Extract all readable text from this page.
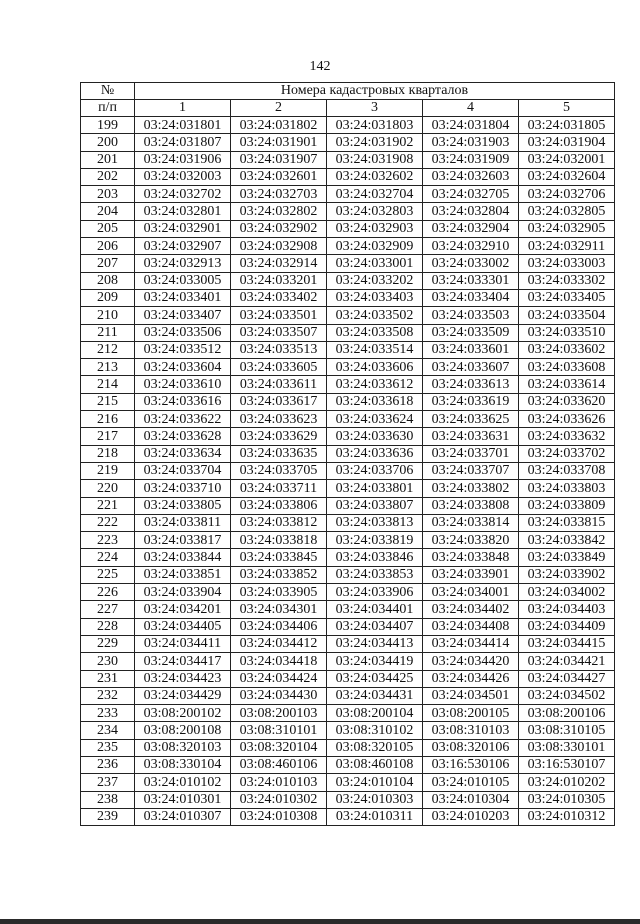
142
№	Номера кадастровых кварталов				
п/п	1	2	3	4	5
199	03:24:031801	03:24:031802	03:24:031803	03:24:031804	03:24:031805
200	03:24:031807	03:24:031901	03:24:031902	03:24:031903	03:24:031904
201	03:24:031906	03:24:031907	03:24:031908	03:24:031909	03:24:032001
202	03:24:032003	03:24:032601	03:24:032602	03:24:032603	03:24:032604
203	03:24:032702	03:24:032703	03:24:032704	03:24:032705	03:24:032706
204	03:24:032801	03:24:032802	03:24:032803	03:24:032804	03:24:032805
205	03:24:032901	03:24:032902	03:24:032903	03:24:032904	03:24:032905
206	03:24:032907	03:24:032908	03:24:032909	03:24:032910	03:24:032911
207	03:24:032913	03:24:032914	03:24:033001	03:24:033002	03:24:033003
208	03:24:033005	03:24:033201	03:24:033202	03:24:033301	03:24:033302
209	03:24:033401	03:24:033402	03:24:033403	03:24:033404	03:24:033405
210	03:24:033407	03:24:033501	03:24:033502	03:24:033503	03:24:033504
211	03:24:033506	03:24:033507	03:24:033508	03:24:033509	03:24:033510
212	03:24:033512	03:24:033513	03:24:033514	03:24:033601	03:24:033602
213	03:24:033604	03:24:033605	03:24:033606	03:24:033607	03:24:033608
214	03:24:033610	03:24:033611	03:24:033612	03:24:033613	03:24:033614
215	03:24:033616	03:24:033617	03:24:033618	03:24:033619	03:24:033620
216	03:24:033622	03:24:033623	03:24:033624	03:24:033625	03:24:033626
217	03:24:033628	03:24:033629	03:24:033630	03:24:033631	03:24:033632
218	03:24:033634	03:24:033635	03:24:033636	03:24:033701	03:24:033702
219	03:24:033704	03:24:033705	03:24:033706	03:24:033707	03:24:033708
220	03:24:033710	03:24:033711	03:24:033801	03:24:033802	03:24:033803
221	03:24:033805	03:24:033806	03:24:033807	03:24:033808	03:24:033809
222	03:24:033811	03:24:033812	03:24:033813	03:24:033814	03:24:033815
223	03:24:033817	03:24:033818	03:24:033819	03:24:033820	03:24:033842
224	03:24:033844	03:24:033845	03:24:033846	03:24:033848	03:24:033849
225	03:24:033851	03:24:033852	03:24:033853	03:24:033901	03:24:033902
226	03:24:033904	03:24:033905	03:24:033906	03:24:034001	03:24:034002
227	03:24:034201	03:24:034301	03:24:034401	03:24:034402	03:24:034403
228	03:24:034405	03:24:034406	03:24:034407	03:24:034408	03:24:034409
229	03:24:034411	03:24:034412	03:24:034413	03:24:034414	03:24:034415
230	03:24:034417	03:24:034418	03:24:034419	03:24:034420	03:24:034421
231	03:24:034423	03:24:034424	03:24:034425	03:24:034426	03:24:034427
232	03:24:034429	03:24:034430	03:24:034431	03:24:034501	03:24:034502
233	03:08:200102	03:08:200103	03:08:200104	03:08:200105	03:08:200106
234	03:08:200108	03:08:310101	03:08:310102	03:08:310103	03:08:310105
235	03:08:320103	03:08:320104	03:08:320105	03:08:320106	03:08:330101
236	03:08:330104	03:08:460106	03:08:460108	03:16:530106	03:16:530107
237	03:24:010102	03:24:010103	03:24:010104	03:24:010105	03:24:010202
238	03:24:010301	03:24:010302	03:24:010303	03:24:010304	03:24:010305
239	03:24:010307	03:24:010308	03:24:010311	03:24:010203	03:24:010312
